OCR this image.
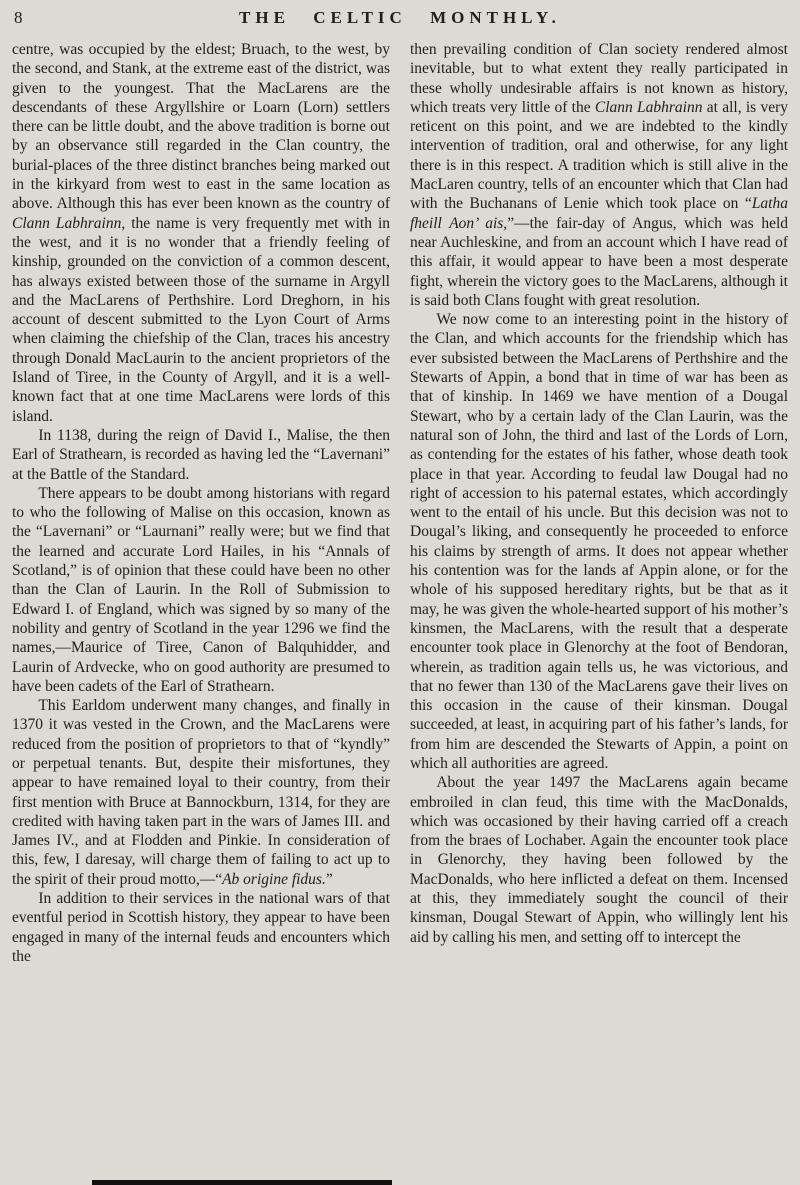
8	THE CELTIC MONTHLY.

centre, was occupied by the eldest; Bruach, to the west, by the second, and Stank, at the extreme east of the district, was given to the youngest. That the MacLarens are the descendants of these Argyllshire or Loarn (Lorn) settlers there can be little doubt, and the above tradition is borne out by an observance still regarded in the Clan country, the burial-places of the three distinct branches being marked out in the kirkyard from west to east in the same location as above. Although this has ever been known as the country of Clann Labhrainn, the name is very frequently met with in the west, and it is no wonder that a friendly feeling of kinship, grounded on the conviction of a common descent, has always existed between those of the surname in Argyll and the MacLarens of Perthshire. Lord Dreghorn, in his account of descent submitted to the Lyon Court of Arms when claiming the chiefship of the Clan, traces his ancestry through Donald MacLaurin to the ancient proprietors of the Island of Tiree, in the County of Argyll, and it is a well-known fact that at one time MacLarens were lords of this island.

In 1138, during the reign of David I., Malise, the then Earl of Strathearn, is recorded as having led the “Lavernani” at the Battle of the Standard.

There appears to be doubt among historians with regard to who the following of Malise on this occasion, known as the “Lavernani” or “Laurnani” really were; but we find that the learned and accurate Lord Hailes, in his “Annals of Scotland,” is of opinion that these could have been no other than the Clan of Laurin. In the Roll of Submission to Edward I. of England, which was signed by so many of the nobility and gentry of Scotland in the year 1296 we find the names,—Maurice of Tiree, Canon of Balquhidder, and Laurin of Ardvecke, who on good authority are presumed to have been cadets of the Earl of Strathearn.

This Earldom underwent many changes, and finally in 1370 it was vested in the Crown, and the MacLarens were reduced from the position of proprietors to that of “kyndly” or perpetual tenants. But, despite their misfortunes, they appear to have remained loyal to their country, from their first mention with Bruce at Bannockburn, 1314, for they are credited with having taken part in the wars of James III. and James IV., and at Flodden and Pinkie. In consideration of this, few, I daresay, will charge them of failing to act up to the spirit of their proud motto,—“Ab origine fidus.”

In addition to their services in the national wars of that eventful period in Scottish history, they appear to have been engaged in many of the internal feuds and encounters which the

then prevailing condition of Clan society rendered almost inevitable, but to what extent they really participated in these wholly undesirable affairs is not known as history, which treats very little of the Clann Labhrainn at all, is very reticent on this point, and we are indebted to the kindly intervention of tradition, oral and otherwise, for any light there is in this respect. A tradition which is still alive in the MacLaren country, tells of an encounter which that Clan had with the Buchanans of Lenie which took place on “Latha fheill Aon’ ais,”—the fair-day of Angus, which was held near Auchleskine, and from an account which I have read of this affair, it would appear to have been a most desperate fight, wherein the victory goes to the MacLarens, although it is said both Clans fought with great resolution.

We now come to an interesting point in the history of the Clan, and which accounts for the friendship which has ever subsisted between the MacLarens of Perthshire and the Stewarts of Appin, a bond that in time of war has been as that of kinship. In 1469 we have mention of a Dougal Stewart, who by a certain lady of the Clan Laurin, was the natural son of John, the third and last of the Lords of Lorn, as contending for the estates of his father, whose death took place in that year. According to feudal law Dougal had no right of accession to his paternal estates, which accordingly went to the entail of his uncle. But this decision was not to Dougal’s liking, and consequently he proceeded to enforce his claims by strength of arms. It does not appear whether his contention was for the lands af Appin alone, or for the whole of his supposed hereditary rights, but be that as it may, he was given the whole-hearted support of his mother’s kinsmen, the MacLarens, with the result that a desperate encounter took place in Glenorchy at the foot of Bendoran, wherein, as tradition again tells us, he was victorious, and that no fewer than 130 of the MacLarens gave their lives on this occasion in the cause of their kinsman. Dougal succeeded, at least, in acquiring part of his father’s lands, for from him are descended the Stewarts of Appin, a point on which all authorities are agreed.

About the year 1497 the MacLarens again became embroiled in clan feud, this time with the MacDonalds, which was occasioned by their having carried off a creach from the braes of Lochaber. Again the encounter took place in Glenorchy, they having been followed by the MacDonalds, who here inflicted a defeat on them. Incensed at this, they immediately sought the council of their kinsman, Dougal Stewart of Appin, who willingly lent his aid by calling his men, and setting off to intercept the
